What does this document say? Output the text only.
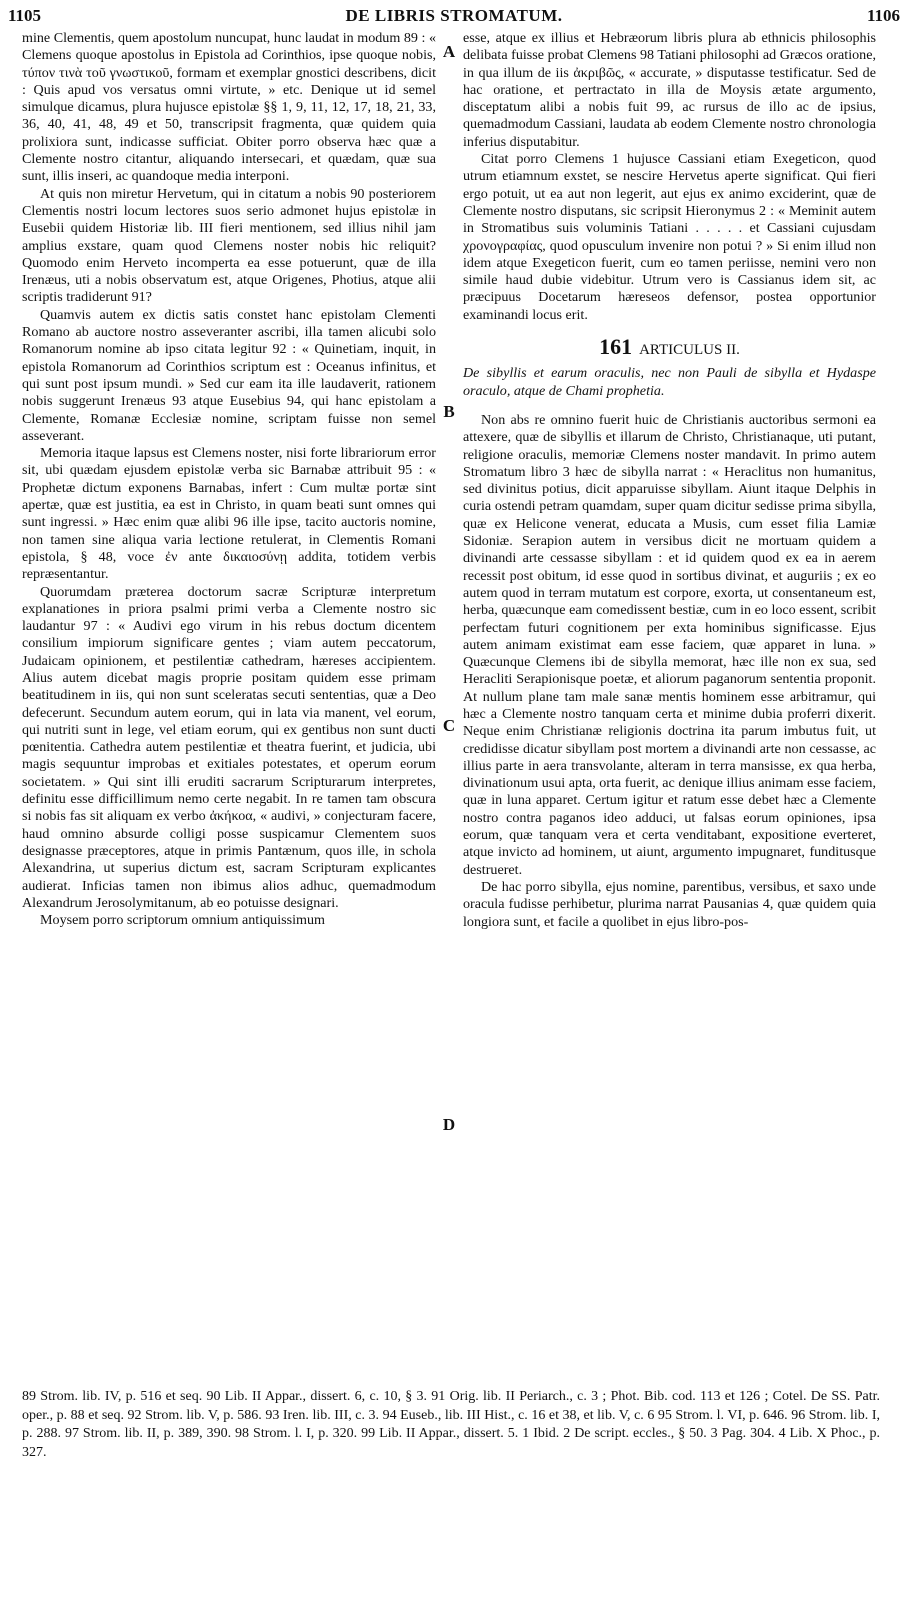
1105	DE LIBRIS STROMATUM.	1106
A
B
C
D

mine Clementis, quem apostolum nuncupat, hunc laudat in modum 89 : « Clemens quoque apostolus in Epistola ad Corinthios, ipse quoque nobis, τύπον τινὰ τοῦ γνωστικοῦ, formam et exemplar gnostici describens, dicit : Quis apud vos versatus omni virtute, » etc. Denique ut id semel simulque dicamus, plura hujusce epistolæ §§ 1, 9, 11, 12, 17, 18, 21, 33, 36, 40, 41, 48, 49 et 50, transcripsit fragmenta, quæ quidem quia prolixiora sunt, indicasse sufficiat. Obiter porro observa hæc quæ a Clemente nostro citantur, aliquando intersecari, et quædam, quæ sua sunt, illis inseri, ac quandoque media interponi.

At quis non miretur Hervetum, qui in citatum a nobis 90 posteriorem Clementis nostri locum lectores suos serio admonet hujus epistolæ in Eusebii quidem Historiæ lib. III fieri mentionem, sed illius nihil jam amplius exstare, quam quod Clemens noster nobis hic reliquit? Quomodo enim Herveto incomperta ea esse potuerunt, quæ de illa Irenæus, uti a nobis observatum est, atque Origenes, Photius, atque alii scriptis tradiderunt 91?

Quamvis autem ex dictis satis constet hanc epistolam Clementi Romano ab auctore nostro asseveranter ascribi, illa tamen alicubi solo Romanorum nomine ab ipso citata legitur 92 : « Quinetiam, inquit, in epistola Romanorum ad Corinthios scriptum est : Oceanus infinitus, et qui sunt post ipsum mundi. » Sed cur eam ita ille laudaverit, rationem nobis suggerunt Irenæus 93 atque Eusebius 94, qui hanc epistolam a Clemente, Romanæ Ecclesiæ nomine, scriptam fuisse non semel asseverant.

Memoria itaque lapsus est Clemens noster, nisi forte librariorum error sit, ubi quædam ejusdem epistolæ verba sic Barnabæ attribuit 95 : « Prophetæ dictum exponens Barnabas, infert : Cum multæ portæ sint apertæ, quæ est justitia, ea est in Christo, in quam beati sunt omnes qui sunt ingressi. » Hæc enim quæ alibi 96 ille ipse, tacito auctoris nomine, non tamen sine aliqua varia lectione retulerat, in Clementis Romani epistola, § 48, voce ἐν ante δικαιοσύνῃ addita, totidem verbis repræsentantur.

Quorumdam præterea doctorum sacræ Scripturæ interpretum explanationes in priora psalmi primi verba a Clemente nostro sic laudantur 97 : « Audivi ego virum in his rebus doctum dicentem consilium impiorum significare gentes ; viam autem peccatorum, Judaicam opinionem, et pestilentiæ cathedram, hæreses accipientem. Alius autem dicebat magis proprie positam quidem esse primam beatitudinem in iis, qui non sunt sceleratas secuti sententias, quæ a Deo defecerunt. Secundum autem eorum, qui in lata via manent, vel eorum, qui nutriti sunt in lege, vel etiam eorum, qui ex gentibus non sunt ducti pœnitentia. Cathedra autem pestilentiæ et theatra fuerint, et judicia, ubi magis sequuntur improbas et exitiales potestates, et operum eorum societatem. » Qui sint illi eruditi sacrarum Scripturarum interpretes, definitu esse difficillimum nemo certe negabit. In re tamen tam obscura si nobis fas sit aliquam ex verbo ἀκήκοα, « audivi, » conjecturam facere, haud omnino absurde colligi posse suspicamur Clementem suos designasse præceptores, atque in primis Pantænum, quos ille, in schola Alexandrina, ut superius dictum est, sacram Scripturam explicantes audierat. Inficias tamen non ibimus alios adhuc, quemadmodum Alexandrum Jerosolymitanum, ab eo potuisse designari.

Moysem porro scriptorum omnium antiquissimum

esse, atque ex illius et Hebræorum libris plura ab ethnicis philosophis delibata fuisse probat Clemens 98 Tatiani philosophi ad Græcos oratione, in qua illum de iis ἀκριβῶς, « accurate, » disputasse testificatur. Sed de hac oratione, et pertractato in illa de Moysis ætate argumento, disceptatum alibi a nobis fuit 99, ac rursus de illo ac de ipsius, quemadmodum Cassiani, laudata ab eodem Clemente nostro chronologia inferius disputabitur.

Citat porro Clemens 1 hujusce Cassiani etiam Exegeticon, quod utrum etiamnum exstet, se nescire Hervetus aperte significat. Qui fieri ergo potuit, ut ea aut non legerit, aut ejus ex animo exciderint, quæ de Clemente nostro disputans, sic scripsit Hieronymus 2 : « Meminit autem in Stromatibus suis voluminis Tatiani . . . . . et Cassiani cujusdam χρονογραφίας, quod opusculum invenire non potui ? » Si enim illud non idem atque Exegeticon fuerit, cum eo tamen periisse, nemini vero non simile haud dubie videbitur. Utrum vero is Cassianus idem sit, ac præcipuus Docetarum hæreseos defensor, postea opportunior examinandi locus erit.

161 ARTICULUS II.

De sibyllis et earum oraculis, nec non Pauli de sibylla et Hydaspe oraculo, atque de Chami prophetia.

Non abs re omnino fuerit huic de Christianis auctoribus sermoni ea attexere, quæ de sibyllis et illarum de Christo, Christianaque, uti putant, religione oraculis, memoriæ Clemens noster mandavit. In primo autem Stromatum libro 3 hæc de sibylla narrat : « Heraclitus non humanitus, sed divinitus potius, dicit apparuisse sibyllam. Aiunt itaque Delphis in curia ostendi petram quamdam, super quam dicitur sedisse prima sibylla, quæ ex Helicone venerat, educata a Musis, cum esset filia Lamiæ Sidoniæ. Serapion autem in versibus dicit ne mortuam quidem a divinandi arte cessasse sibyllam : et id quidem quod ex ea in aerem recessit post obitum, id esse quod in sortibus divinat, et auguriis ; ex eo autem quod in terram mutatum est corpore, exorta, ut consentaneum est, herba, quæcunque eam comedissent bestiæ, cum in eo loco essent, scribit perfectam futuri cognitionem per exta hominibus significasse. Ejus autem animam existimat eam esse faciem, quæ apparet in luna. » Quæcunque Clemens ibi de sibylla memorat, hæc ille non ex sua, sed Heracliti Serapionisque poetæ, et aliorum paganorum sententia proponit. At nullum plane tam male sanæ mentis hominem esse arbitramur, qui hæc a Clemente nostro tanquam certa et minime dubia proferri dixerit. Neque enim Christianæ religionis doctrina ita parum imbutus fuit, ut credidisse dicatur sibyllam post mortem a divinandi arte non cessasse, ac illius parte in aera transvolante, alteram in terra mansisse, ex qua herba, divinationum usui apta, orta fuerit, ac denique illius animam esse faciem, quæ in luna apparet. Certum igitur et ratum esse debet hæc a Clemente nostro contra paganos ideo adduci, ut falsas eorum opiniones, ipsa eorum, quæ tanquam vera et certa venditabant, expositione everteret, atque invicto ad hominem, ut aiunt, argumento impugnaret, funditusque destrueret.

De hac porro sibylla, ejus nomine, parentibus, versibus, et saxo unde oracula fudisse perhibetur, plurima narrat Pausanias 4, quæ quidem quia longiora sunt, et facile a quolibet in ejus libro-pos-

89 Strom. lib. IV, p. 516 et seq. 90 Lib. II Appar., dissert. 6, c. 10, § 3. 91 Orig. lib. II Periarch., c. 3 ; Phot. Bib. cod. 113 et 126 ; Cotel. De SS. Patr. oper., p. 88 et seq. 92 Strom. lib. V, p. 586. 93 Iren. lib. III, c. 3. 94 Euseb., lib. III Hist., c. 16 et 38, et lib. V, c. 6 95 Strom. l. VI, p. 646. 96 Strom. lib. I, p. 288. 97 Strom. lib. II, p. 389, 390. 98 Strom. l. I, p. 320. 99 Lib. II Appar., dissert. 5. 1 Ibid. 2 De script. eccles., § 50. 3 Pag. 304. 4 Lib. X Phoc., p. 327.
